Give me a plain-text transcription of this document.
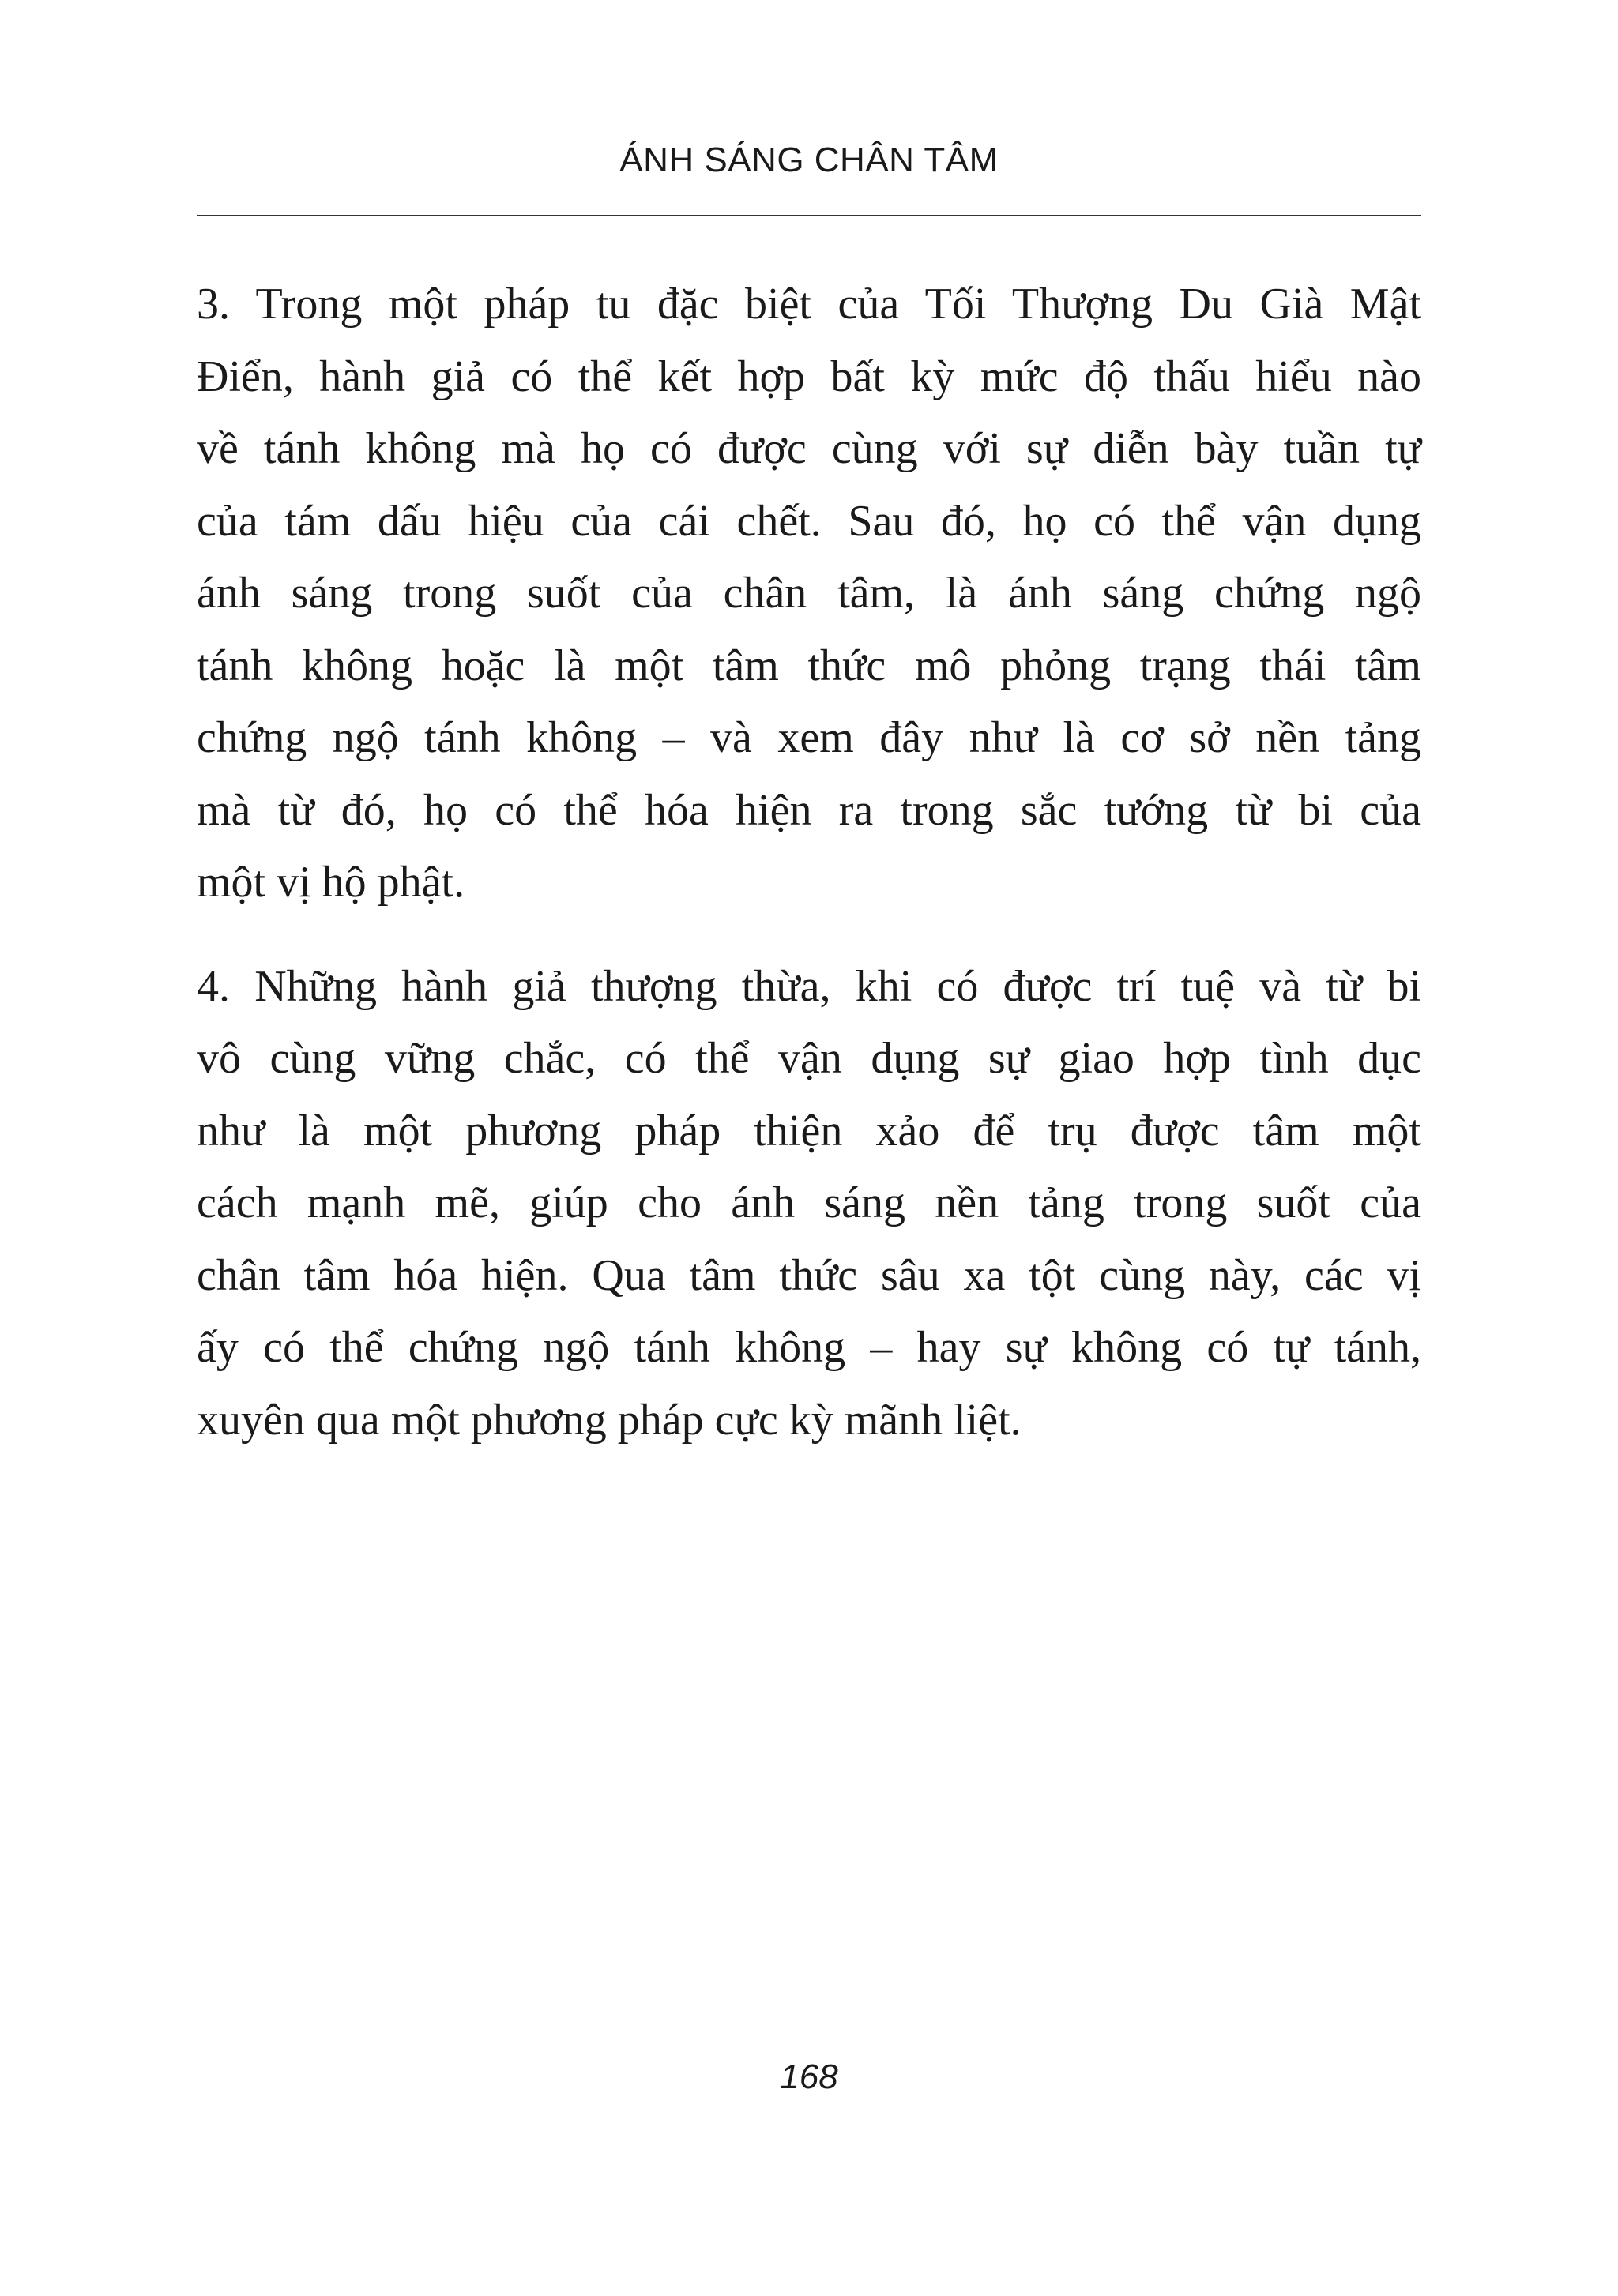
ÁNH SÁNG CHÂN TÂM

3. Trong một pháp tu đặc biệt của Tối Thượng Du Già Mật
Điển, hành giả có thể kết hợp bất kỳ mức độ thấu hiểu nào
về tánh không mà họ có được cùng với sự diễn bày tuần tự
của tám dấu hiệu của cái chết. Sau đó, họ có thể vận dụng
ánh sáng trong suốt của chân tâm, là ánh sáng chứng ngộ
tánh không hoặc là một tâm thức mô phỏng trạng thái tâm
chứng ngộ tánh không – và xem đây như là cơ sở nền tảng
mà từ đó, họ có thể hóa hiện ra trong sắc tướng từ bi của
một vị hộ phật.

4. Những hành giả thượng thừa, khi có được trí tuệ và từ bi
vô cùng vững chắc, có thể vận dụng sự giao hợp tình dục
như là một phương pháp thiện xảo để trụ được tâm một
cách mạnh mẽ, giúp cho ánh sáng nền tảng trong suốt của
chân tâm hóa hiện. Qua tâm thức sâu xa tột cùng này, các vị
ấy có thể chứng ngộ tánh không – hay sự không có tự tánh,
xuyên qua một phương pháp cực kỳ mãnh liệt.

168
